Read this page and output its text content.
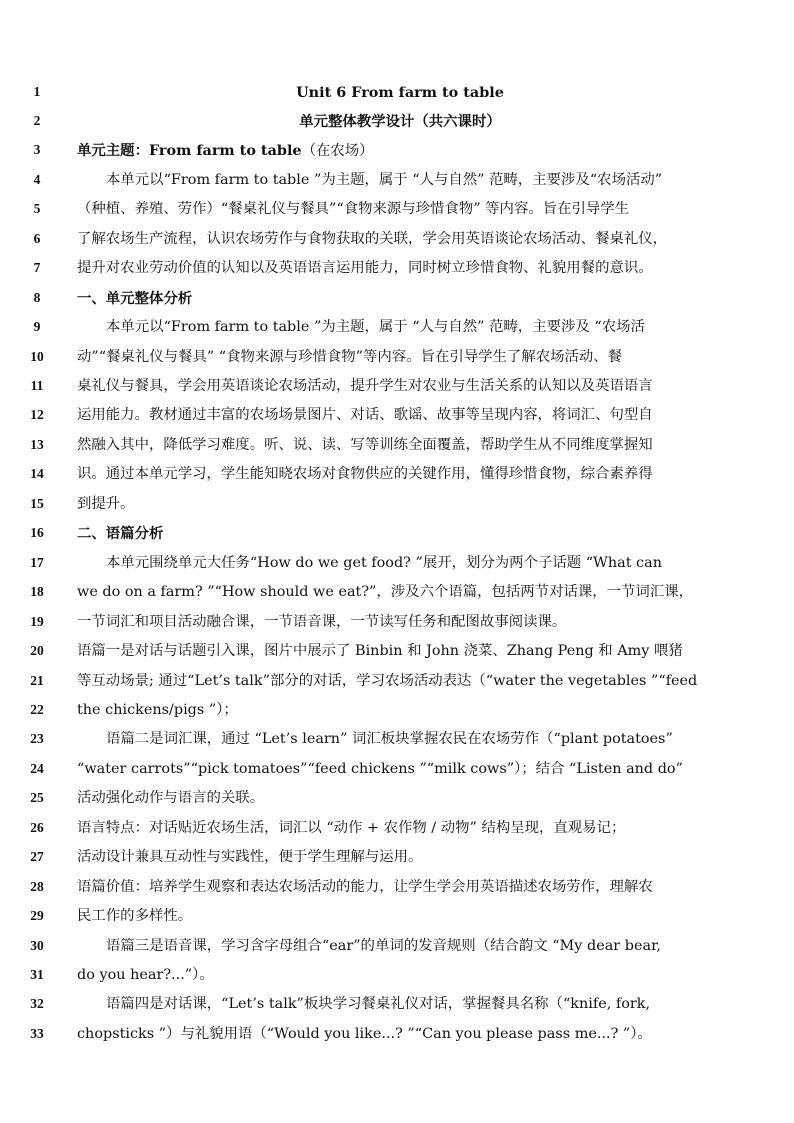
1	Unit 6 From farm to table
2	单元整体教学设计（共六课时）
3	单元主题：From farm to table（在农场）
4	本单元以“From farm to table ”为主题，属于 “人与自然” 范畴，主要涉及“农场活动”
5	（种植、养殖、劳作）“餐桌礼仪与餐具”“食物来源与珍惜食物” 等内容。旨在引导学生
6	了解农场生产流程，认识农场劳作与食物获取的关联，学会用英语谈论农场活动、餐桌礼仪，
7	提升对农业劳动价值的认知以及英语语言运用能力，同时树立珍惜食物、礼貌用餐的意识。
8	一、单元整体分析
9	本单元以“From farm to table ”为主题，属于 “人与自然” 范畴，主要涉及 “农场活
10	动”“餐桌礼仪与餐具” “食物来源与珍惜食物”等内容。旨在引导学生了解农场活动、餐
11	桌礼仪与餐具，学会用英语谈论农场活动，提升学生对农业与生活关系的认知以及英语语言
12	运用能力。教材通过丰富的农场场景图片、对话、歌谣、故事等呈现内容，将词汇、句型自
13	然融入其中，降低学习难度。听、说、读、写等训练全面覆盖，帮助学生从不同维度掌握知
14	识。通过本单元学习，学生能知晓农场对食物供应的关键作用，懂得珍惜食物，综合素养得
15	到提升。
16	二、语篇分析
17	本单元围绕单元大任务“How do we get food? ”展开，划分为两个子话题 “What can
18	we do on a farm? ”“How should we eat?”，涉及六个语篇，包括两节对话课，一节词汇课，
19	一节词汇和项目活动融合课，一节语音课，一节读写任务和配图故事阅读课。
20	语篇一是对话与话题引入课，图片中展示了 Binbin 和 John 浇菜、Zhang Peng 和 Amy 喂猪
21	等互动场景; 通过“Let’s talk”部分的对话，学习农场活动表达（“water the vegetables ”“feed
22	the chickens/pigs ”）；
23	语篇二是词汇课，通过 “Let’s learn” 词汇板块掌握农民在农场劳作（“plant potatoes”
24	“water carrots”“pick tomatoes”“feed chickens ”“milk cows”）；结合 “Listen and do”
25	活动强化动作与语言的关联。
26	语言特点：对话贴近农场生活，词汇以 “动作 + 农作物 / 动物” 结构呈现，直观易记；
27	活动设计兼具互动性与实践性，便于学生理解与运用。
28	语篇价值：培养学生观察和表达农场活动的能力，让学生学会用英语描述农场劳作，理解农
29	民工作的多样性。
30	语篇三是语音课，学习含字母组合“ear”的单词的发音规则（结合韵文 “My dear bear,
31	do you hear?...”）。
32	语篇四是对话课，“Let’s talk”板块学习餐桌礼仪对话，掌握餐具名称（“knife, fork,
33	chopsticks ”）与礼貌用语（“Would you like...? ”“Can you please pass me...? ”）。
